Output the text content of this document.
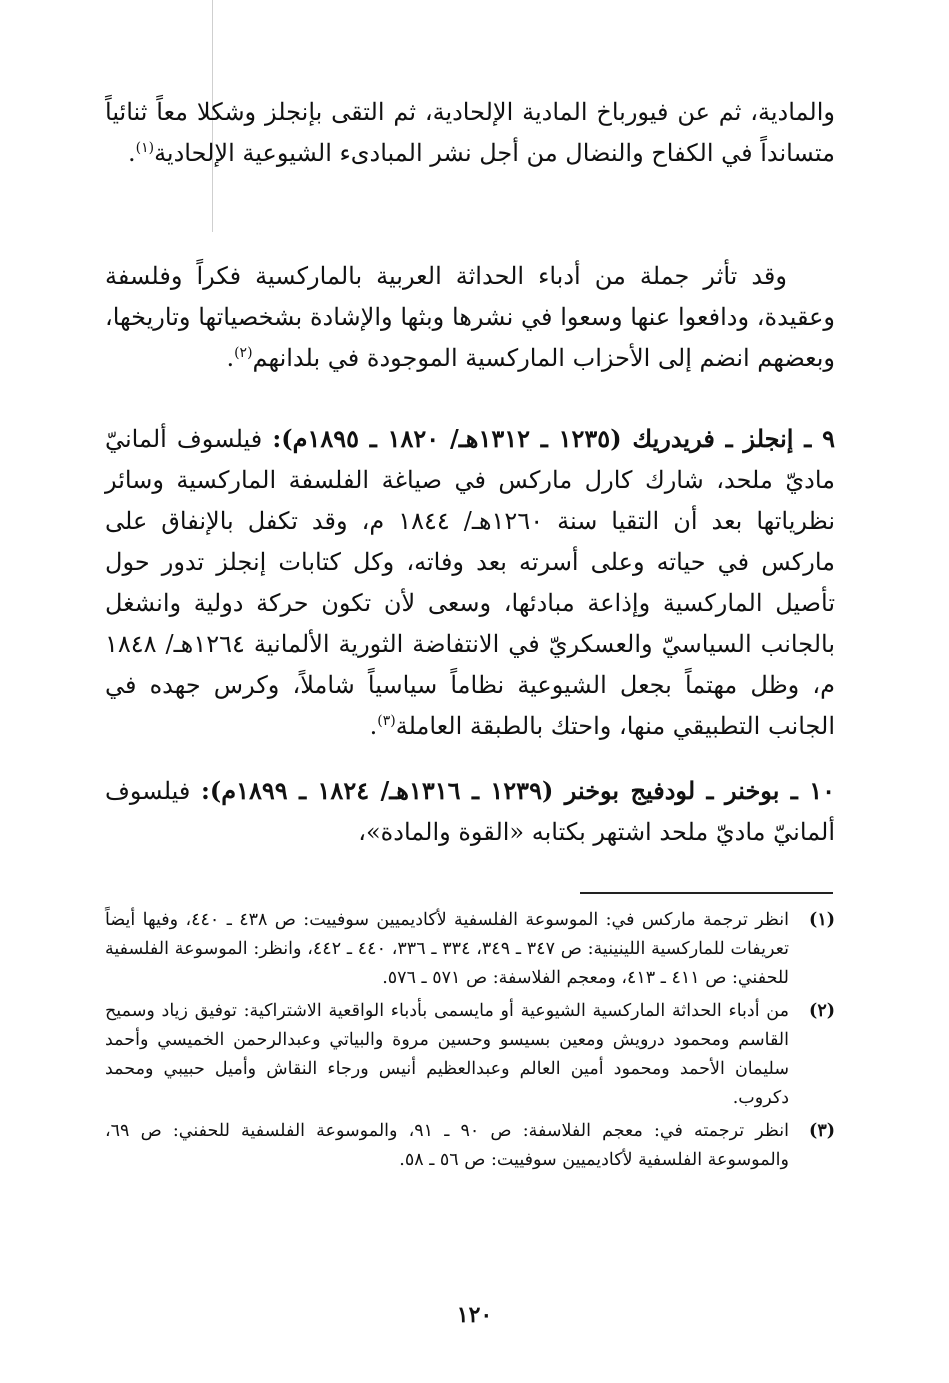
والمادية، ثم عن فيورباخ المادية الإلحادية، ثم التقى بإنجلز وشكلا معاً ثنائياً متسانداً في الكفاح والنضال من أجل نشر المبادىء الشيوعية الإلحادية$^{(١)}$.

وقد تأثر جملة من أدباء الحداثة العربية بالماركسية فكراً وفلسفة وعقيدة، ودافعوا عنها وسعوا في نشرها وبثها والإشادة بشخصياتها وتاريخها، وبعضهم انضم إلى الأحزاب الماركسية الموجودة في بلدانهم$^{(٢)}$.

٩ ـ إنجلز ـ فريدريك (١٢٣٥ ـ ١٣١٢هـ/ ١٨٢٠ ـ ١٨٩٥م): فيلسوف ألمانيّ ماديّ ملحد، شارك كارل ماركس في صياغة الفلسفة الماركسية وسائر نظرياتها بعد أن التقيا سنة ١٢٦٠هـ/ ١٨٤٤ م، وقد تكفل بالإنفاق على ماركس في حياته وعلى أسرته بعد وفاته، وكل كتابات إنجلز تدور حول تأصيل الماركسية وإذاعة مبادئها، وسعى لأن تكون حركة دولية وانشغل بالجانب السياسيّ والعسكريّ في الانتفاضة الثورية الألمانية ١٢٦٤هـ/ ١٨٤٨ م، وظل مهتماً بجعل الشيوعية نظاماً سياسياً شاملاً، وكرس جهده في الجانب التطبيقي منها، واحتك بالطبقة العاملة$^{(٣)}$.

١٠ ـ بوخنر ـ لودفيج بوخنر (١٢٣٩ ـ ١٣١٦هـ/ ١٨٢٤ ـ ١٨٩٩م): فيلسوف ألمانيّ ماديّ ملحد اشتهر بكتابه «القوة والمادة»،

(١)
انظر ترجمة ماركس في: الموسوعة الفلسفية لأكاديميين سوفييت: ص ٤٣٨ ـ ٤٤٠، وفيها أيضاً تعريفات للماركسية اللينينية: ص ٣٤٧ ـ ٣٤٩، ٣٣٤ ـ ٣٣٦، ٤٤٠ ـ ٤٤٢، وانظر: الموسوعة الفلسفية للحفني: ص ٤١١ ـ ٤١٣، ومعجم الفلاسفة: ص ٥٧١ ـ ٥٧٦.
(٢)
من أدباء الحداثة الماركسية الشيوعية أو مايسمى بأدباء الواقعية الاشتراكية: توفيق زياد وسميح القاسم ومحمود درويش ومعين بسيسو وحسين مروة والبياتي وعبدالرحمن الخميسي وأحمد سليمان الأحمد ومحمود أمين العالم وعبدالعظيم أنيس ورجاء النقاش وأميل حبيبي ومحمد دكروب.
(٣)
انظر ترجمته في: معجم الفلاسفة: ص ٩٠ ـ ٩١، والموسوعة الفلسفية للحفني: ص ٦٩، والموسوعة الفلسفية لأكاديميين سوفييت: ص ٥٦ ـ ٥٨.
١٢٠
